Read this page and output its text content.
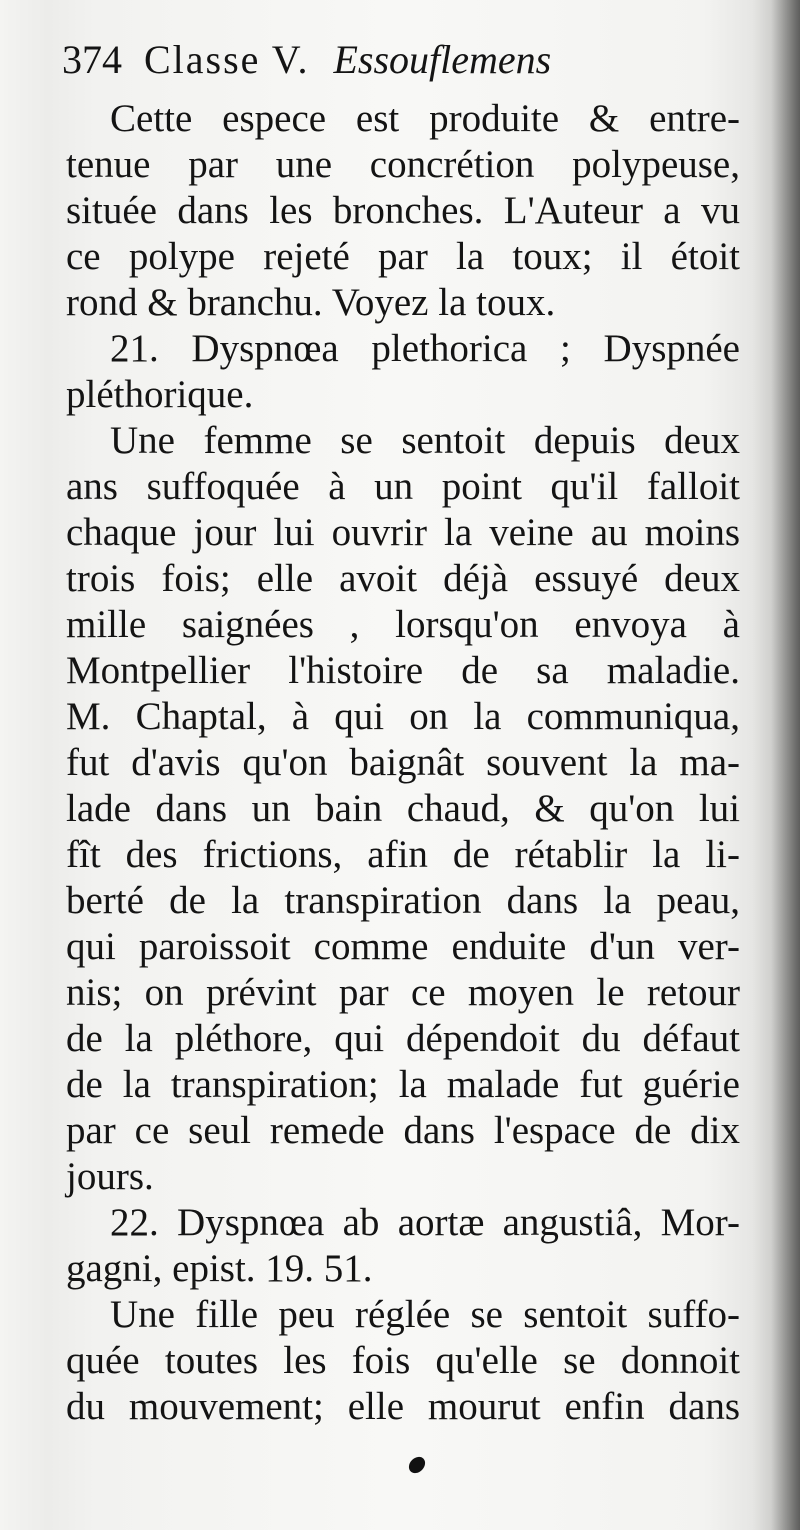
374 Classe V. Essouflemens
Cette espece est produite & entre-
tenue par une concrétion polypeuse,
située dans les bronches. L'Auteur a vu
ce polype rejeté par la toux; il étoit
rond & branchu. Voyez la toux.
21. Dyspnœa plethorica ; Dyspnée
pléthorique.
Une femme se sentoit depuis deux
ans suffoquée à un point qu'il falloit
chaque jour lui ouvrir la veine au moins
trois fois; elle avoit déjà essuyé deux
mille saignées , lorsqu'on envoya à
Montpellier l'histoire de sa maladie.
M. Chaptal, à qui on la communiqua,
fut d'avis qu'on baignât souvent la ma-
lade dans un bain chaud, & qu'on lui
fît des frictions, afin de rétablir la li-
berté de la transpiration dans la peau,
qui paroissoit comme enduite d'un ver-
nis; on prévint par ce moyen le retour
de la pléthore, qui dépendoit du défaut
de la transpiration; la malade fut guérie
par ce seul remede dans l'espace de dix
jours.
22. Dyspnœa ab aortæ angustiâ, Mor-
gagni, epist. 19. 51.
Une fille peu réglée se sentoit suffo-
quée toutes les fois qu'elle se donnoit
du mouvement; elle mourut enfin dans
